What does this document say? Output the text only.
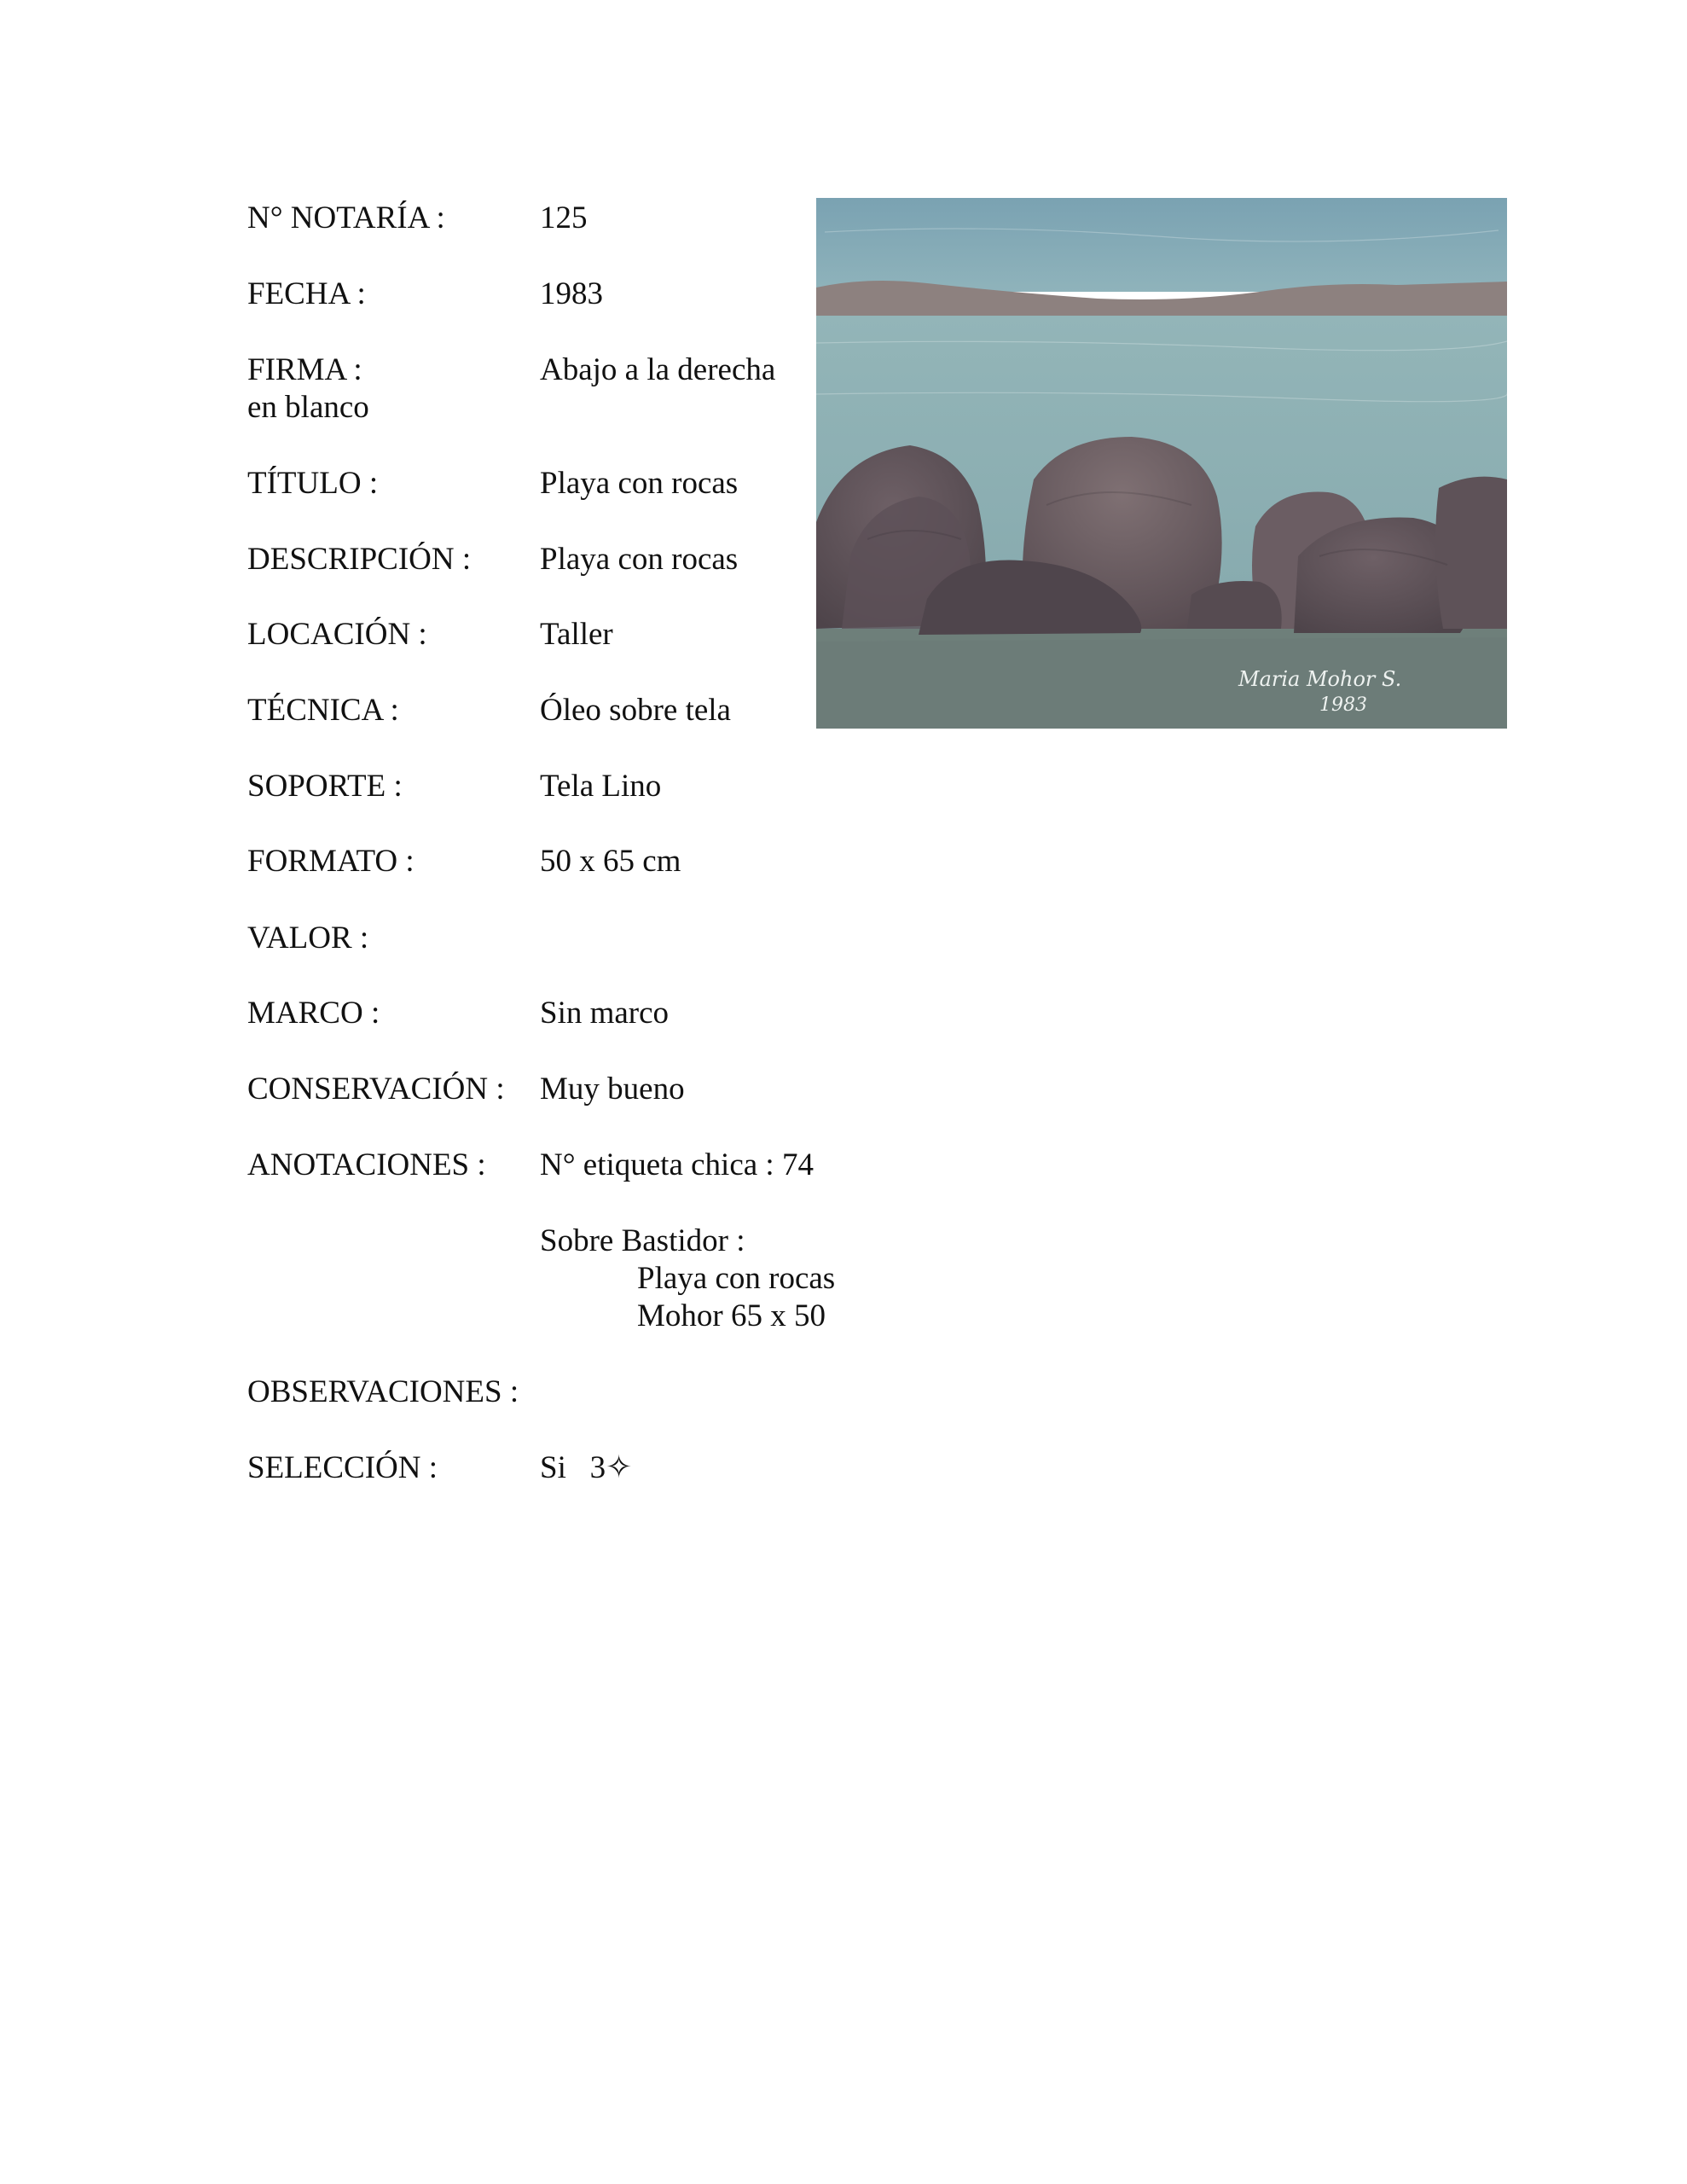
N° NOTARÍA :	125
FECHA :	1983
FIRMA :	Abajo a la derecha
en blanco
TÍTULO :	Playa con rocas
DESCRIPCIÓN : Playa con rocas
LOCACIÓN :	Taller
TÉCNICA :	Óleo sobre tela
SOPORTE :	Tela Lino
FORMATO :	50 x 65 cm
VALOR :
MARCO :	Sin marco
CONSERVACIÓN : Muy bueno
ANOTACIONES : N° etiqueta chica : 74
Sobre Bastidor :
Playa con rocas
Mohor 65 x 50
OBSERVACIONES :
SELECCIÓN :	Si   3✧
Maria Mohor S.
1983
